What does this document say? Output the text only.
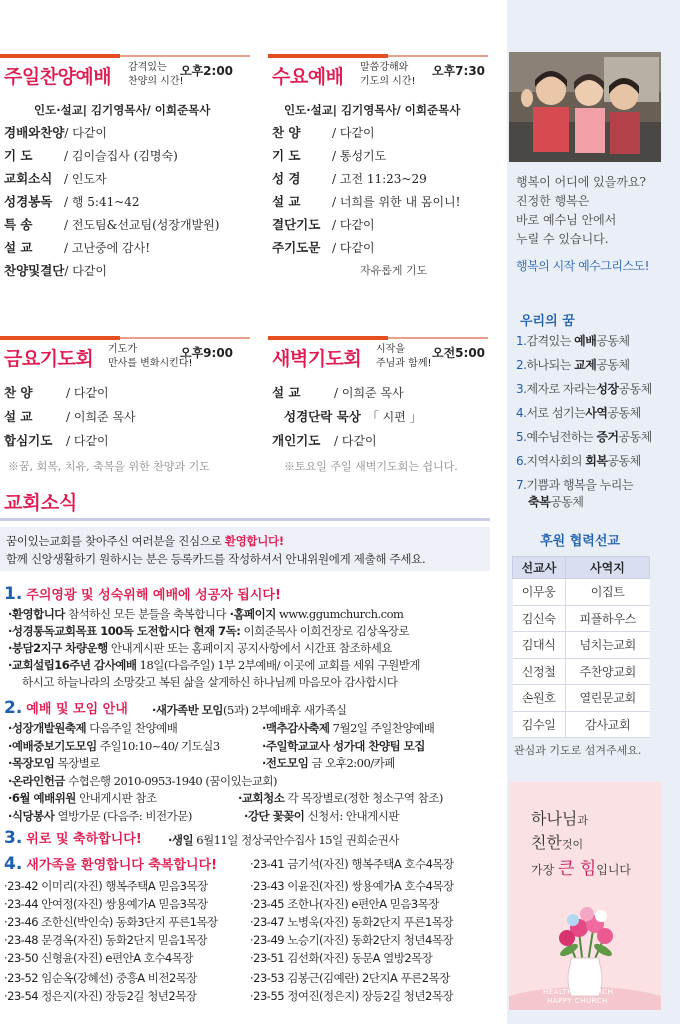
행복이 어디에 있을까요?
진정한 행복은
바로 예수님 안에서
누릴 수 있습니다.
행복의 시작 예수그리스도!
우리의 꿈
1.감격있는 예배공동체
2.하나되는 교제공동체
3.제자로 자라는성장공동체
4.서로 섬기는사역공동체
5.예수님전하는 증거공동체
6.지역사회의 회복공동체
7.기쁨과 행복을 누리는
축복공동체
후원 협력선교
선교사	사역지
이무웅	이집트
김신숙	피플하우스
김대식	넘치는교회
신정철	주찬양교회
손원호	열린문교회
김수일	감사교회
관심과 기도로 섬겨주세요.
하나님과
친한것이
가장 큰 힘입니다
HEALTHY CHURCH
HAPPY CHURCH
주일찬양예배 감격있는
찬양의 시간!
오후2:00
인도·설교| 김기영목사/ 이희준목사
경배와찬양/ 다같이
기 도	/ 김이슬집사 (김명숙)
교회소식 / 인도자
성경봉독 / 행 5:41~42
특 송	/ 전도팀&선교팀(성장개발원)
설 교	/ 고난중에 감사!
찬양및결단/ 다같이
수요예배 말씀강해와
기도의 시간!
오후7:30
인도·설교| 김기영목사/ 이희준목사
찬 양	/ 다같이
기 도	/ 통성기도
성 경	/ 고전 11:23~29
설 교	/ 너희를 위한 내 몸이니!
결단기도 / 다같이
주기도문 / 다같이
자유롭게 기도
금요기도회 기도가
만사를 변화시킨다!
오후9:00
찬 양	/ 다같이
설 교	/ 이희준 목사
합심기도 / 다같이
※꿈, 회복, 치유, 축복을 위한 찬양과 기도
새벽기도회 시작을
주님과 함께!
오전5:00
설 교	/ 이희준 목사
성경단락 묵상 「 시편 」
개인기도 / 다같이
※토요일 주일 새벽기도회는 쉽니다.
교회소식
꿈이있는교회를 찾아주신 여러분을 진심으로 환영합니다!
함께 신앙생활하기 원하시는 분은 등록카드를 작성하셔서 안내위원에게 제출해 주세요.
1. 주의영광 및 성숙위해 예배에 성공자 됩시다!
·환영합니다 참석하신 모든 분들을 축복합니다 ·홈페이지 www.ggumchurch.com
·성경통독교회목표 100독 도전합시다 현재 7독: 이희준목사 이희건장로 김상옥장로
·붕담2지구 차량운행 안내게시판 또는 홈페이지 공지사항에서 시간표 참조하세요
·교회설립16주년 감사예배 18일(다음주일) 1부 2부예배/ 이곳에 교회를 세워 구원받게
하시고 하늘나라의 소망갖고 복된 삶을 살게하신 하나님께 마음모아 감사합시다
2. 예배 및 모임 안내 ·새가족반 모임(5과) 2부예배후 새가족실
·성장개발원축제 다음주일 찬양예배
·예배중보기도모임 주일10:10~40/ 기도실3
·목장모임 목장별로
·온라인헌금 수협은행 2010-0953-1940 (꿈이있는교회)
·6월 예배위원 안내게시판 참조
·식당봉사 열방가문 (다음주: 비전가문)
·맥추감사축제 7월2일 주일찬양예배
·주일학교교사 성가대 찬양팀 모집
·전도모임 금 오후2:00/카페
·교회청소 각 목장별로(정한 청소구역 참조)
·강단 꽃꽂이 신청서: 안내게시판
3. 위로 및 축하합니다! ·생일 6월11일 정상국안수집사 15일 권희순권사
4. 새가족을 환영합니다 축복합니다!	·23-41 금기석(자진) 행복주택A 호수4목장
·23-42 이미리(자진) 행복주택A 믿음3목장	·23-43 이윤진(자진) 쌍용예가A 호수4목장
·23-44 안여정(자진) 쌍용예가A 믿음3목장	·23-45 조한나(자진) e편안A 믿음3목장
·23-46 조한신(박인숙) 동화3단지 푸른1목장	·23-47 노병욱(자진) 동화2단지 푸른1목장
·23-48 문경옥(자진) 동화2단지 믿음1목장	·23-49 노승기(자진) 동화2단지 청년4목장
·23-50 신형윤(자진) e편안A 호수4목장	·23-51 김선화(자진) 동문A 열방2목장
·23-52 임순옥(강혜선) 중흥A 비전2목장	·23-53 김봉근(김예란) 2단지A 푸른2목장
·23-54 정은지(자진) 장등2길 청년2목장	·23-55 정여진(정은지) 장등2길 청년2목장
